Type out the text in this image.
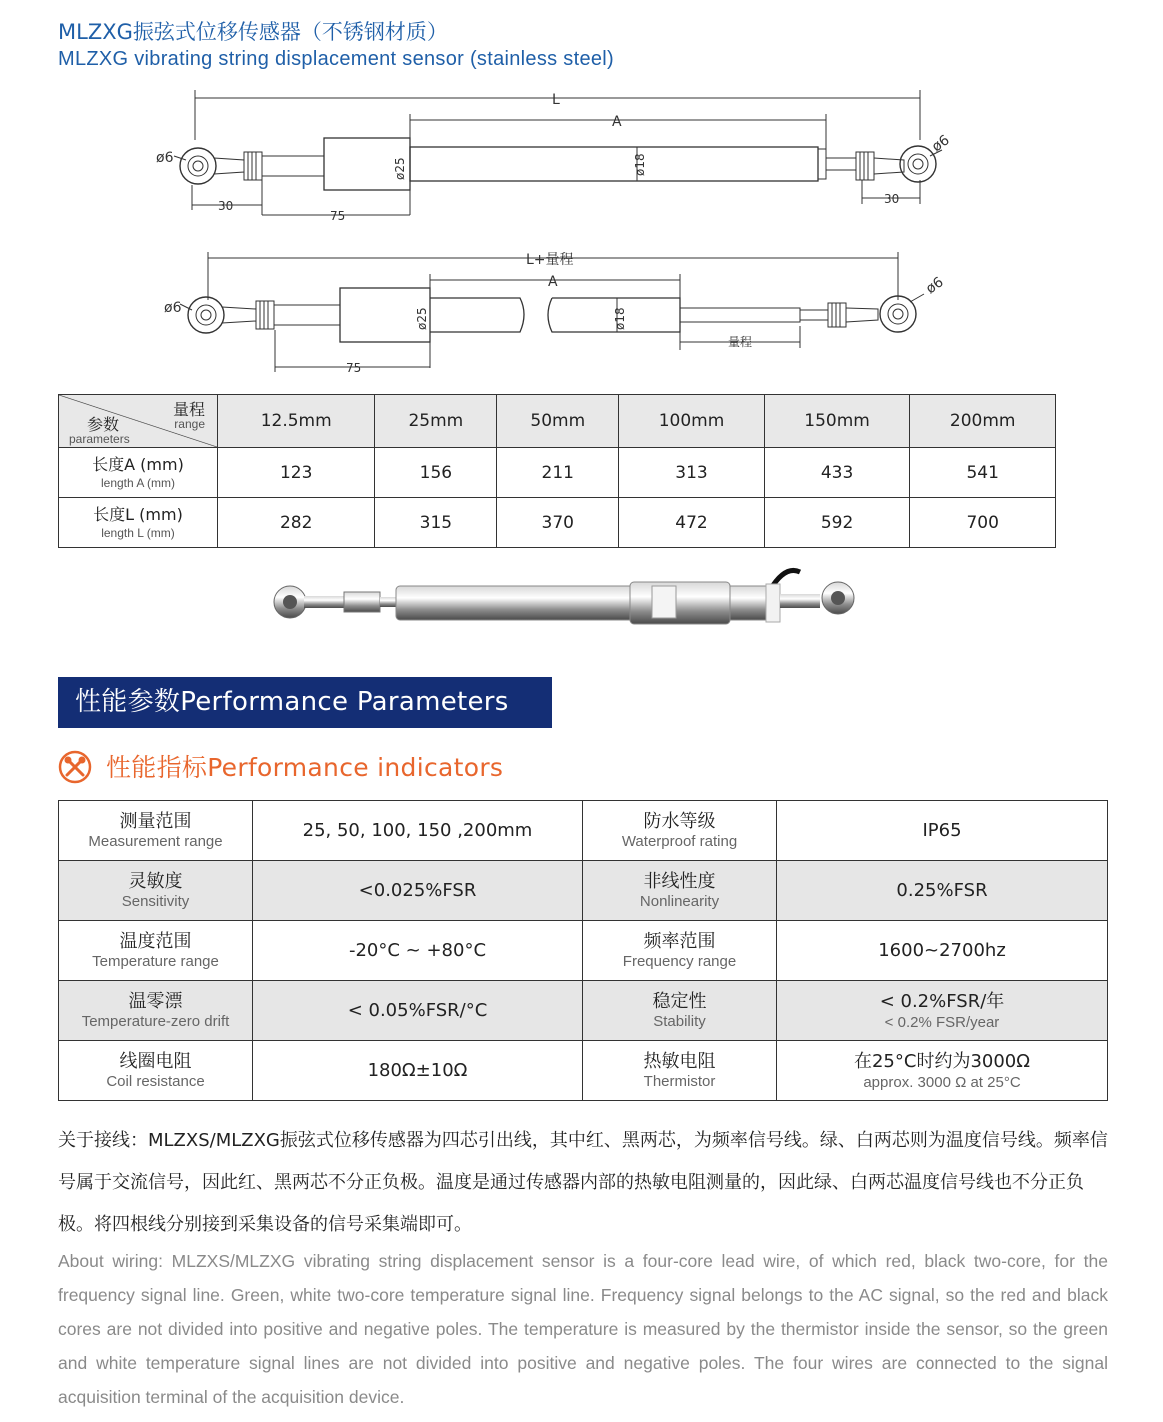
MLZXG振弦式位移传感器（不锈钢材质）
MLZXG vibrating string displacement sensor (stainless steel)
L
A
ø6
ø6
ø25	ø18
30
75
30
L+量程
A
ø6
ø6
ø25	ø18
75
量程
量程
range
参数
parameters	12.5mm	25mm	50mm	100mm	150mm	200mm

长度A (mm)
length A (mm)	123	156	211	313	433	541

长度L (mm)
length L (mm)	282	315	370	472	592	700
性能参数Performance Parameters
性能指标Performance indicators
测量范围
Measurement range	25, 50, 100, 150 ,200mm	防水等级
Waterproof rating	IP65

灵敏度
Sensitivity	<0.025%FSR	非线性度
Nonlinearity	0.25%FSR

温度范围
Temperature range	-20°C ~ +80°C	频率范围
Frequency range	1600~2700hz

温零漂
Temperature-zero drift	< 0.05%FSR/°C	稳定性
Stability	< 0.2%FSR/年
< 0.2% FSR/year

线圈电阻
Coil resistance	180Ω±10Ω	热敏电阻
Thermistor	在25°C时约为3000Ω
approx. 3000 Ω at 25°C
关于接线：MLZXS/MLZXG振弦式位移传感器为四芯引出线，其中红、黑两芯，为频率信号线。绿、白两芯则为温度信号线。频率信号属于交流信号，因此红、黑两芯不分正负极。温度是通过传感器内部的热敏电阻测量的，因此绿、白两芯温度信号线也不分正负极。将四根线分别接到采集设备的信号采集端即可。
About wiring: MLZXS/MLZXG vibrating string displacement sensor is a four-core lead wire, of which red, black two-core, for the frequency signal line. Green, white two-core temperature signal line. Frequency signal belongs to the AC signal, so the red and black cores are not divided into positive and negative poles. The temperature is measured by the thermistor inside the sensor, so the green and white temperature signal lines are not divided into positive and negative poles. The four wires are connected to the signal acquisition terminal of the acquisition device.
